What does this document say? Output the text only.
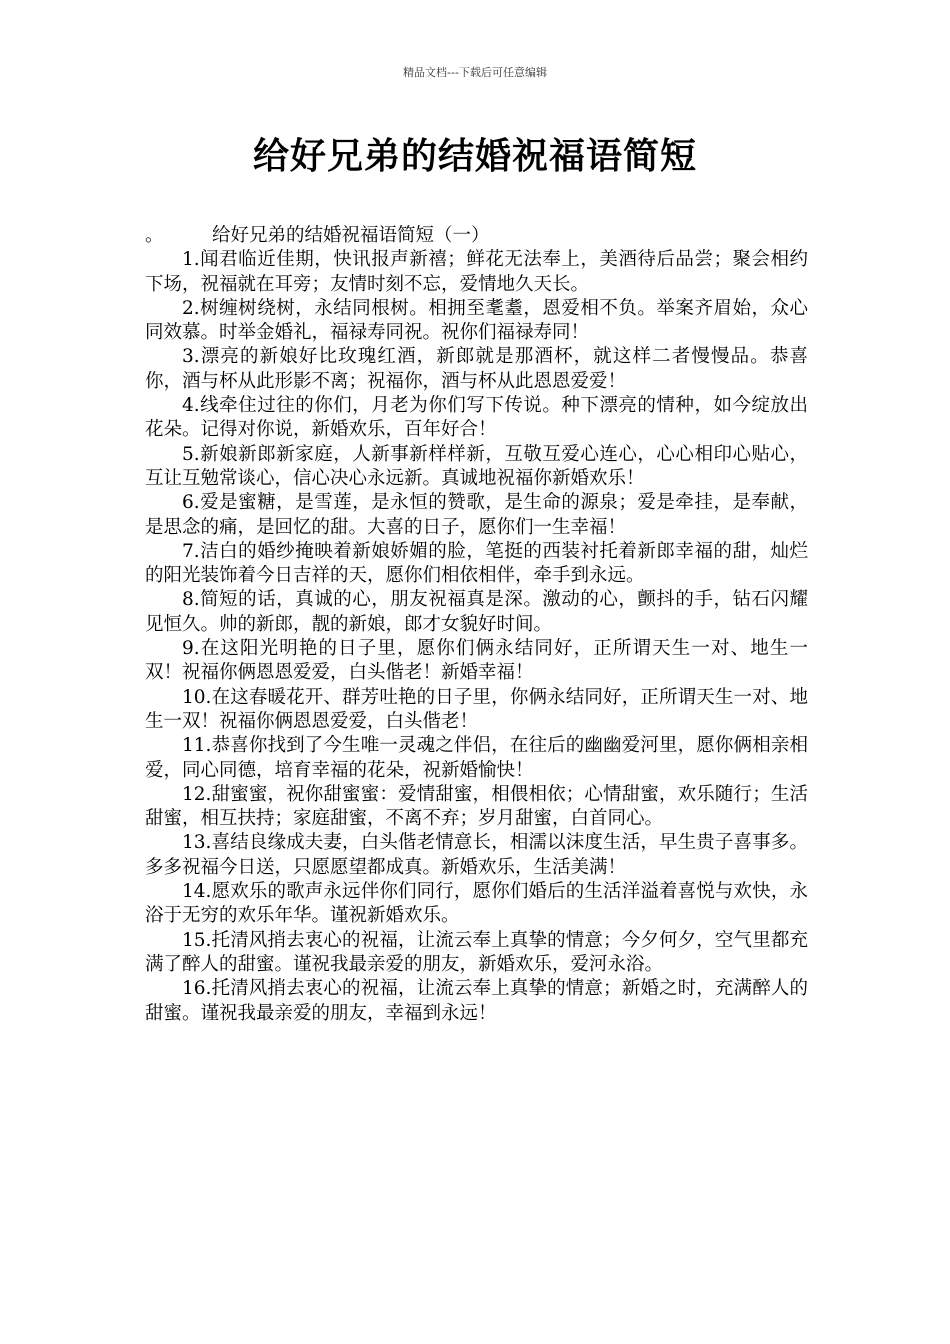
精品文档---下载后可任意编辑
给好兄弟的结婚祝福语简短
。	给好兄弟的结婚祝福语简短（一）

1.闻君临近佳期，快讯报声新禧；鲜花无法奉上，美酒待后品尝；聚会相约下场，祝福就在耳旁；友情时刻不忘，爱情地久天长。

2.树缠树绕树，永结同根树。相拥至耄耋，恩爱相不负。举案齐眉始，众心同效慕。时举金婚礼，福禄寿同祝。祝你们福禄寿同！

3.漂亮的新娘好比玫瑰红酒，新郎就是那酒杯，就这样二者慢慢品。恭喜你，酒与杯从此形影不离；祝福你，酒与杯从此恩恩爱爱！

4.线牵住过往的你们，月老为你们写下传说。种下漂亮的情种，如今绽放出花朵。记得对你说，新婚欢乐，百年好合！

5.新娘新郎新家庭，人新事新样样新，互敬互爱心连心，心心相印心贴心，互让互勉常谈心，信心决心永远新。真诚地祝福你新婚欢乐！

6.爱是蜜糖，是雪莲，是永恒的赞歌，是生命的源泉；爱是牵挂，是奉献，是思念的痛，是回忆的甜。大喜的日子，愿你们一生幸福！

7.洁白的婚纱掩映着新娘娇媚的脸，笔挺的西装衬托着新郎幸福的甜，灿烂的阳光装饰着今日吉祥的天，愿你们相依相伴，牵手到永远。

8.简短的话，真诚的心，朋友祝福真是深。激动的心，颤抖的手，钻石闪耀见恒久。帅的新郎，靓的新娘，郎才女貌好时间。

9.在这阳光明艳的日子里，愿你们俩永结同好，正所谓天生一对、地生一双！祝福你俩恩恩爱爱，白头偕老！新婚幸福！

10.在这春暖花开、群芳吐艳的日子里，你俩永结同好，正所谓天生一对、地生一双！祝福你俩恩恩爱爱，白头偕老！

11.恭喜你找到了今生唯一灵魂之伴侣，在往后的幽幽爱河里，愿你俩相亲相爱，同心同德，培育幸福的花朵，祝新婚愉快！

12.甜蜜蜜，祝你甜蜜蜜：爱情甜蜜，相偎相依；心情甜蜜，欢乐随行；生活甜蜜，相互扶持；家庭甜蜜，不离不弃；岁月甜蜜，白首同心。

13.喜结良缘成夫妻，白头偕老情意长，相濡以沫度生活，早生贵子喜事多。多多祝福今日送，只愿愿望都成真。新婚欢乐，生活美满！

14.愿欢乐的歌声永远伴你们同行，愿你们婚后的生活洋溢着喜悦与欢快，永浴于无穷的欢乐年华。谨祝新婚欢乐。

15.托清风捎去衷心的祝福，让流云奉上真挚的情意；今夕何夕，空气里都充满了醉人的甜蜜。谨祝我最亲爱的朋友，新婚欢乐，爱河永浴。

16.托清风捎去衷心的祝福，让流云奉上真挚的情意；新婚之时，充满醉人的甜蜜。谨祝我最亲爱的朋友，幸福到永远！
